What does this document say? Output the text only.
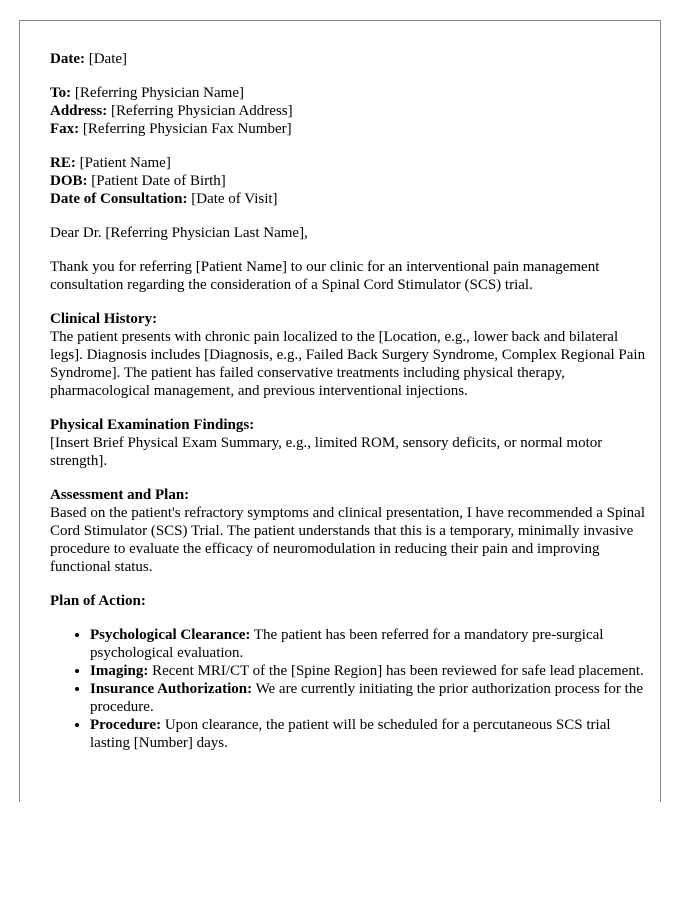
Date: [Date]

To: [Referring Physician Name]
Address: [Referring Physician Address]
Fax: [Referring Physician Fax Number]

RE: [Patient Name]
DOB: [Patient Date of Birth]
Date of Consultation: [Date of Visit]

Dear Dr. [Referring Physician Last Name],

Thank you for referring [Patient Name] to our clinic for an interventional pain management consultation regarding the consideration of a Spinal Cord Stimulator (SCS) trial.

Clinical History:
The patient presents with chronic pain localized to the [Location, e.g., lower back and bilateral legs]. Diagnosis includes [Diagnosis, e.g., Failed Back Surgery Syndrome, Complex Regional Pain Syndrome]. The patient has failed conservative treatments including physical therapy, pharmacological management, and previous interventional injections.

Physical Examination Findings:
[Insert Brief Physical Exam Summary, e.g., limited ROM, sensory deficits, or normal motor strength].

Assessment and Plan:
Based on the patient's refractory symptoms and clinical presentation, I have recommended a Spinal Cord Stimulator (SCS) Trial. The patient understands that this is a temporary, minimally invasive procedure to evaluate the efficacy of neuromodulation in reducing their pain and improving functional status.

Plan of Action:
• Psychological Clearance: The patient has been referred for a mandatory pre-surgical psychological evaluation.
• Imaging: Recent MRI/CT of the [Spine Region] has been reviewed for safe lead placement.
• Insurance Authorization: We are currently initiating the prior authorization process for the procedure.
• Procedure: Upon clearance, the patient will be scheduled for a percutaneous SCS trial lasting [Number] days.
